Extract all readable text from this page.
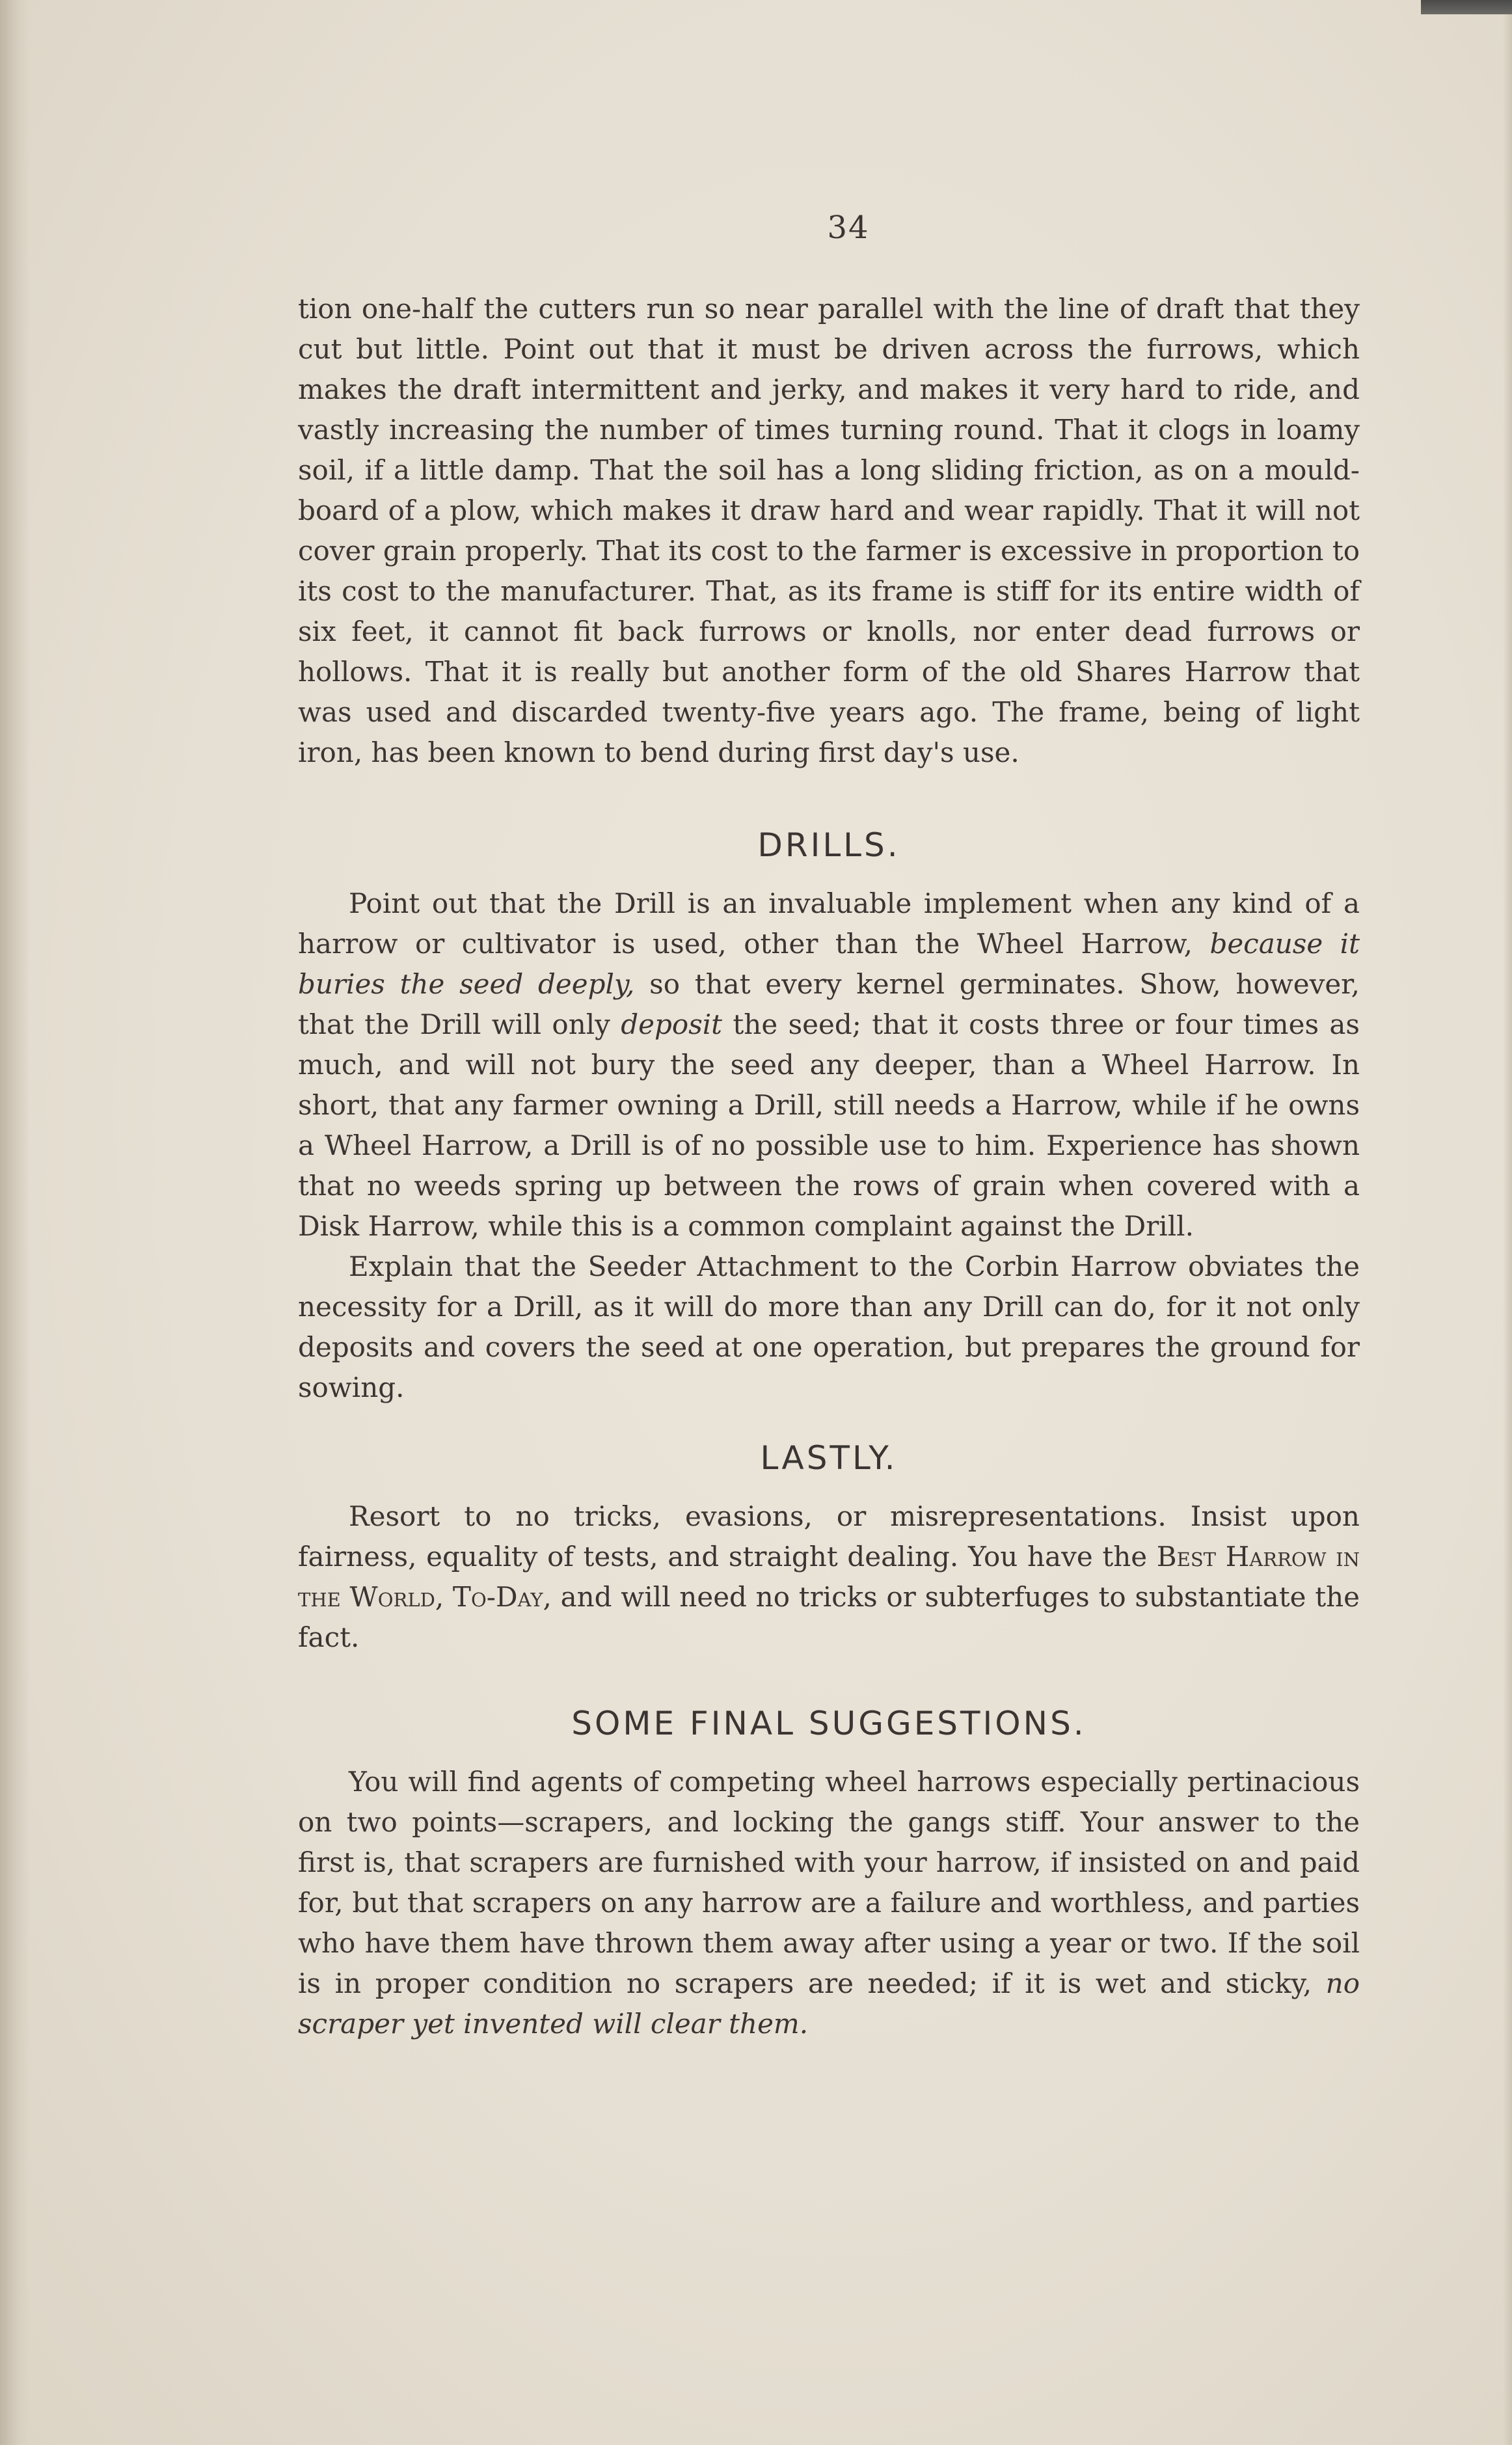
34

tion one-half the cutters run so near parallel with the line of draft that they cut but little. Point out that it must be driven across the furrows, which makes the draft intermittent and jerky, and makes it very hard to ride, and vastly increasing the number of times turning round. That it clogs in loamy soil, if a little damp. That the soil has a long sliding friction, as on a mould-board of a plow, which makes it draw hard and wear rapidly. That it will not cover grain properly. That its cost to the farmer is excessive in proportion to its cost to the manufacturer. That, as its frame is stiff for its entire width of six feet, it cannot fit back furrows or knolls, nor enter dead furrows or hollows. That it is really but another form of the old Shares Harrow that was used and discarded twenty-five years ago. The frame, being of light iron, has been known to bend during first day's use.

DRILLS.

Point out that the Drill is an invaluable implement when any kind of a harrow or cultivator is used, other than the Wheel Harrow, because it buries the seed deeply, so that every kernel germinates. Show, however, that the Drill will only deposit the seed; that it costs three or four times as much, and will not bury the seed any deeper, than a Wheel Harrow. In short, that any farmer owning a Drill, still needs a Harrow, while if he owns a Wheel Harrow, a Drill is of no possible use to him. Experience has shown that no weeds spring up between the rows of grain when covered with a Disk Harrow, while this is a common complaint against the Drill.

Explain that the Seeder Attachment to the Corbin Harrow obviates the necessity for a Drill, as it will do more than any Drill can do, for it not only deposits and covers the seed at one operation, but prepares the ground for sowing.

LASTLY.

Resort to no tricks, evasions, or misrepresentations. Insist upon fairness, equality of tests, and straight dealing. You have the Best Harrow in the World, To-Day, and will need no tricks or subterfuges to substantiate the fact.

SOME FINAL SUGGESTIONS.

You will find agents of competing wheel harrows especially pertinacious on two points—scrapers, and locking the gangs stiff. Your answer to the first is, that scrapers are furnished with your harrow, if insisted on and paid for, but that scrapers on any harrow are a failure and worthless, and parties who have them have thrown them away after using a year or two. If the soil is in proper condition no scrapers are needed; if it is wet and sticky, no scraper yet invented will clear them.
